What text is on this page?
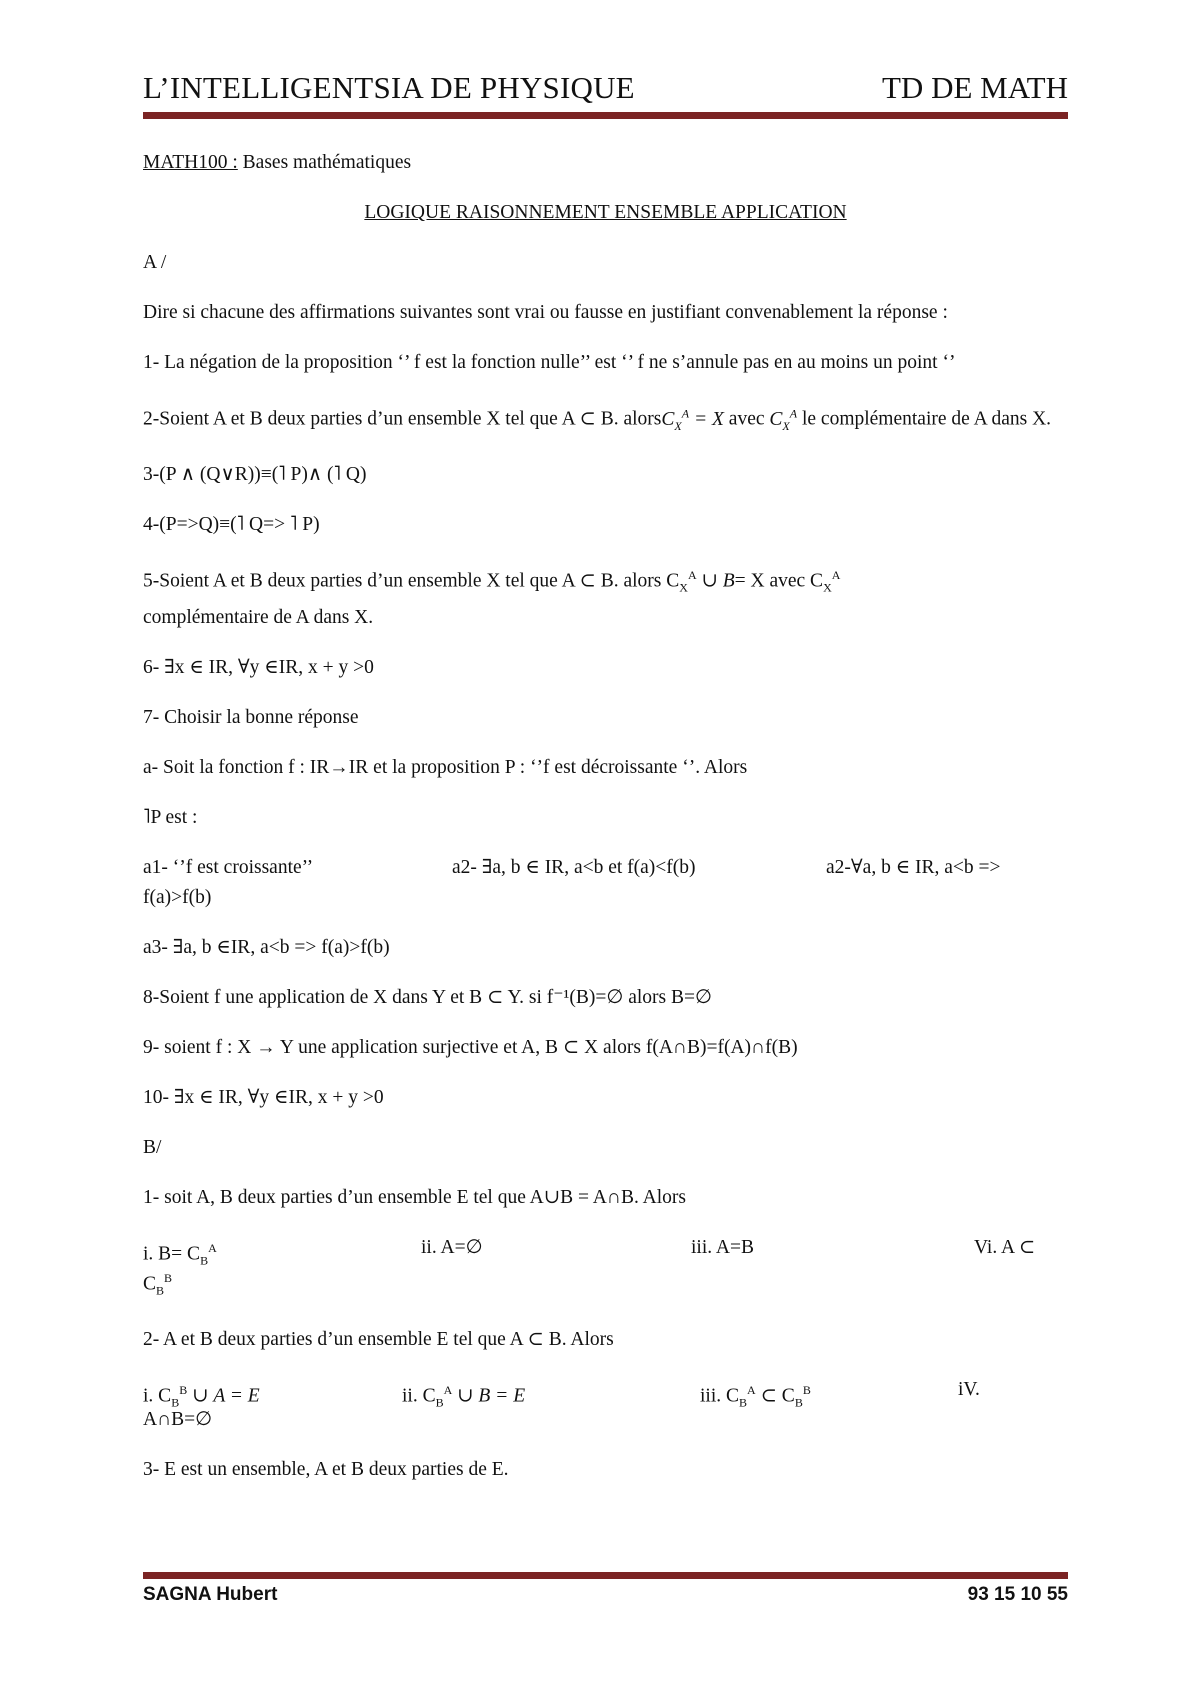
L’INTELLIGENTSIA DE PHYSIQUE	TD DE MATH

MATH100 : Bases mathématiques

LOGIQUE RAISONNEMENT ENSEMBLE APPLICATION

A /

Dire si chacune des affirmations suivantes sont vrai ou fausse en justifiant convenablement la réponse :

1- La négation de la proposition ‘’ f est la fonction nulle’’ est ‘’ f ne s’annule pas en au moins un point ‘’

2-Soient A et B deux parties d’un ensemble X tel que A ⊂ B. alorsC$_X^A$ = X avec $C_X^A$ le complémentaire de A dans X.

3-(P ∧ (Q∨R))≡(˥ P)∧ (˥ Q)

4-(P=>Q)≡(˥ Q=> ˥ P)

5-Soient A et B deux parties d’un ensemble X tel que A ⊂ B. alors $C_X^A$ ∪ B= X avec $C_X^A$
complémentaire de A dans X.

6- ∃x ∈ IR, ∀y ∈IR, x + y >0

7- Choisir la bonne réponse

a- Soit la fonction f : IR→IR et la proposition P : ‘’f est décroissante ‘’. Alors

˥P est :

a1- ‘’f est croissante’’	a2- ∃a, b ∈ IR, a<b et f(a)<f(b)	a2-∀a, b ∈ IR, a<b =>
f(a)>f(b)

a3- ∃a, b ∈IR, a<b => f(a)>f(b)

8-Soient f une application de X dans Y et B ⊂ Y. si f⁻¹(B)=∅ alors B=∅

9- soient f : X → Y une application surjective et A, B ⊂ X alors f(A∩B)=f(A)∩f(B)

10- ∃x ∈ IR, ∀y ∈IR, x + y >0

B/

1- soit A, B deux parties d’un ensemble E tel que A∪B = A∩B. Alors

i. $B= C_B^A$	ii. A=∅	iii. A=B	Vi. A ⊂
$C_B^B$

2- A et B deux parties d’un ensemble E tel que A ⊂ B. Alors

i. $C_B^B$ ∪ A = E	ii. $C_B^A$ ∪ B = E	iii. $C_B^A$ ⊂ $C_B^B$	iV.
A∩B=∅

3- E est un ensemble, A et B deux parties de E.

SAGNA Hubert	93 15 10 55
